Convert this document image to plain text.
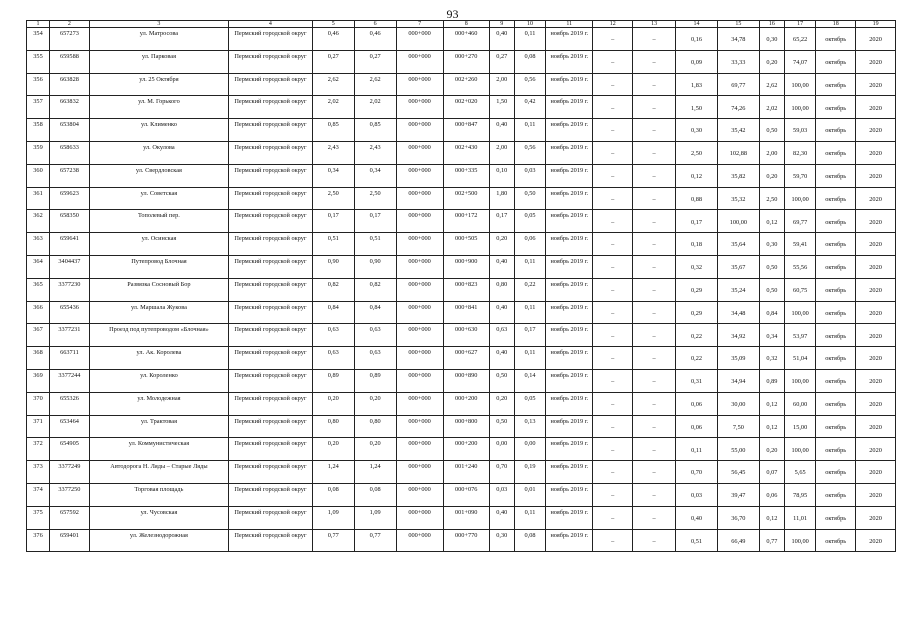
93
1	2	3	4	5	6	7	8	9	10	11	12	13	14	15	16	17	18	19
354	657273	ул. Матросова	Пермский городской округ	0,46	0,46	000+000	000+460	0,40	0,11	ноябрь 2019 г.	–	–	0,16	34,78	0,30	65,22	октябрь	2020
355	659588	ул. Парковая	Пермский городской округ	0,27	0,27	000+000	000+270	0,27	0,08	ноябрь 2019 г.	–	–	0,09	33,33	0,20	74,07	октябрь	2020
356	663828	ул. 25 Октября	Пермский городской округ	2,62	2,62	000+000	002+260	2,00	0,56	ноябрь 2019 г.	–	–	1,83	69,77	2,62	100,00	октябрь	2020
357	663832	ул. М. Горького	Пермский городской округ	2,02	2,02	000+000	002+020	1,50	0,42	ноябрь 2019 г.	–	–	1,50	74,26	2,02	100,00	октябрь	2020
358	653804	ул. Клименко	Пермский городской округ	0,85	0,85	000+000	000+847	0,40	0,11	ноябрь 2019 г.	–	–	0,30	35,42	0,50	59,03	октябрь	2020
359	658633	ул. Окулова	Пермский городской округ	2,43	2,43	000+000	002+430	2,00	0,56	ноябрь 2019 г.	–	–	2,50	102,88	2,00	82,30	октябрь	2020
360	657238	ул. Свердловская	Пермский городской округ	0,34	0,34	000+000	000+335	0,10	0,03	ноябрь 2019 г.	–	–	0,12	35,82	0,20	59,70	октябрь	2020
361	659623	ул. Советская	Пермский городской округ	2,50	2,50	000+000	002+500	1,80	0,50	ноябрь 2019 г.	–	–	0,88	35,32	2,50	100,00	октябрь	2020
362	658350	Тополевый пер.	Пермский городской округ	0,17	0,17	000+000	000+172	0,17	0,05	ноябрь 2019 г.	–	–	0,17	100,00	0,12	69,77	октябрь	2020
363	659641	ул. Осинская	Пермский городской округ	0,51	0,51	000+000	000+505	0,20	0,06	ноябрь 2019 г.	–	–	0,18	35,64	0,30	59,41	октябрь	2020
364	3404437	Путепровод Блочная	Пермский городской округ	0,90	0,90	000+000	000+900	0,40	0,11	ноябрь 2019 г.	–	–	0,32	35,67	0,50	55,56	октябрь	2020
365	3377230	Развязка Сосновый Бор	Пермский городской округ	0,82	0,82	000+000	000+823	0,80	0,22	ноябрь 2019 г.	–	–	0,29	35,24	0,50	60,75	октябрь	2020
366	655436	ул. Маршала Жукова	Пермский городской округ	0,84	0,84	000+000	000+841	0,40	0,11	ноябрь 2019 г.	–	–	0,29	34,48	0,84	100,00	октябрь	2020
367	3377231	Проезд под путепроводом «Блочная»	Пермский городской округ	0,63	0,63	000+000	000+630	0,63	0,17	ноябрь 2019 г.	–	–	0,22	34,92	0,34	53,97	октябрь	2020
368	663711	ул. Ак. Королева	Пермский городской округ	0,63	0,63	000+000	000+627	0,40	0,11	ноябрь 2019 г.	–	–	0,22	35,09	0,32	51,04	октябрь	2020
369	3377244	ул. Короленко	Пермский городской округ	0,89	0,89	000+000	000+890	0,50	0,14	ноябрь 2019 г.	–	–	0,31	34,94	0,89	100,00	октябрь	2020
370	655326	ул. Молодежная	Пермский городской округ	0,20	0,20	000+000	000+200	0,20	0,05	ноябрь 2019 г.	–	–	0,06	30,00	0,12	60,00	октябрь	2020
371	653464	ул. Трактовая	Пермский городской округ	0,80	0,80	000+000	000+800	0,50	0,13	ноябрь 2019 г.	–	–	0,06	7,50	0,12	15,00	октябрь	2020
372	654905	ул. Коммунистическая	Пермский городской округ	0,20	0,20	000+000	000+200	0,00	0,00	ноябрь 2019 г.	–	–	0,11	55,00	0,20	100,00	октябрь	2020
373	3377249	Автодорога Н. Ляды – Старые Ляды	Пермский городской округ	1,24	1,24	000+000	001+240	0,70	0,19	ноябрь 2019 г.	–	–	0,70	56,45	0,07	5,65	октябрь	2020
374	3377250	Торговая площадь	Пермский городской округ	0,08	0,08	000+000	000+076	0,03	0,01	ноябрь 2019 г.	–	–	0,03	39,47	0,06	78,95	октябрь	2020
375	657592	ул. Чусовская	Пермский городской округ	1,09	1,09	000+000	001+090	0,40	0,11	ноябрь 2019 г.	–	–	0,40	36,70	0,12	11,01	октябрь	2020
376	659401	ул. Железнодорожная	Пермский городской округ	0,77	0,77	000+000	000+770	0,30	0,08	ноябрь 2019 г.	–	–	0,51	66,49	0,77	100,00	октябрь	2020
